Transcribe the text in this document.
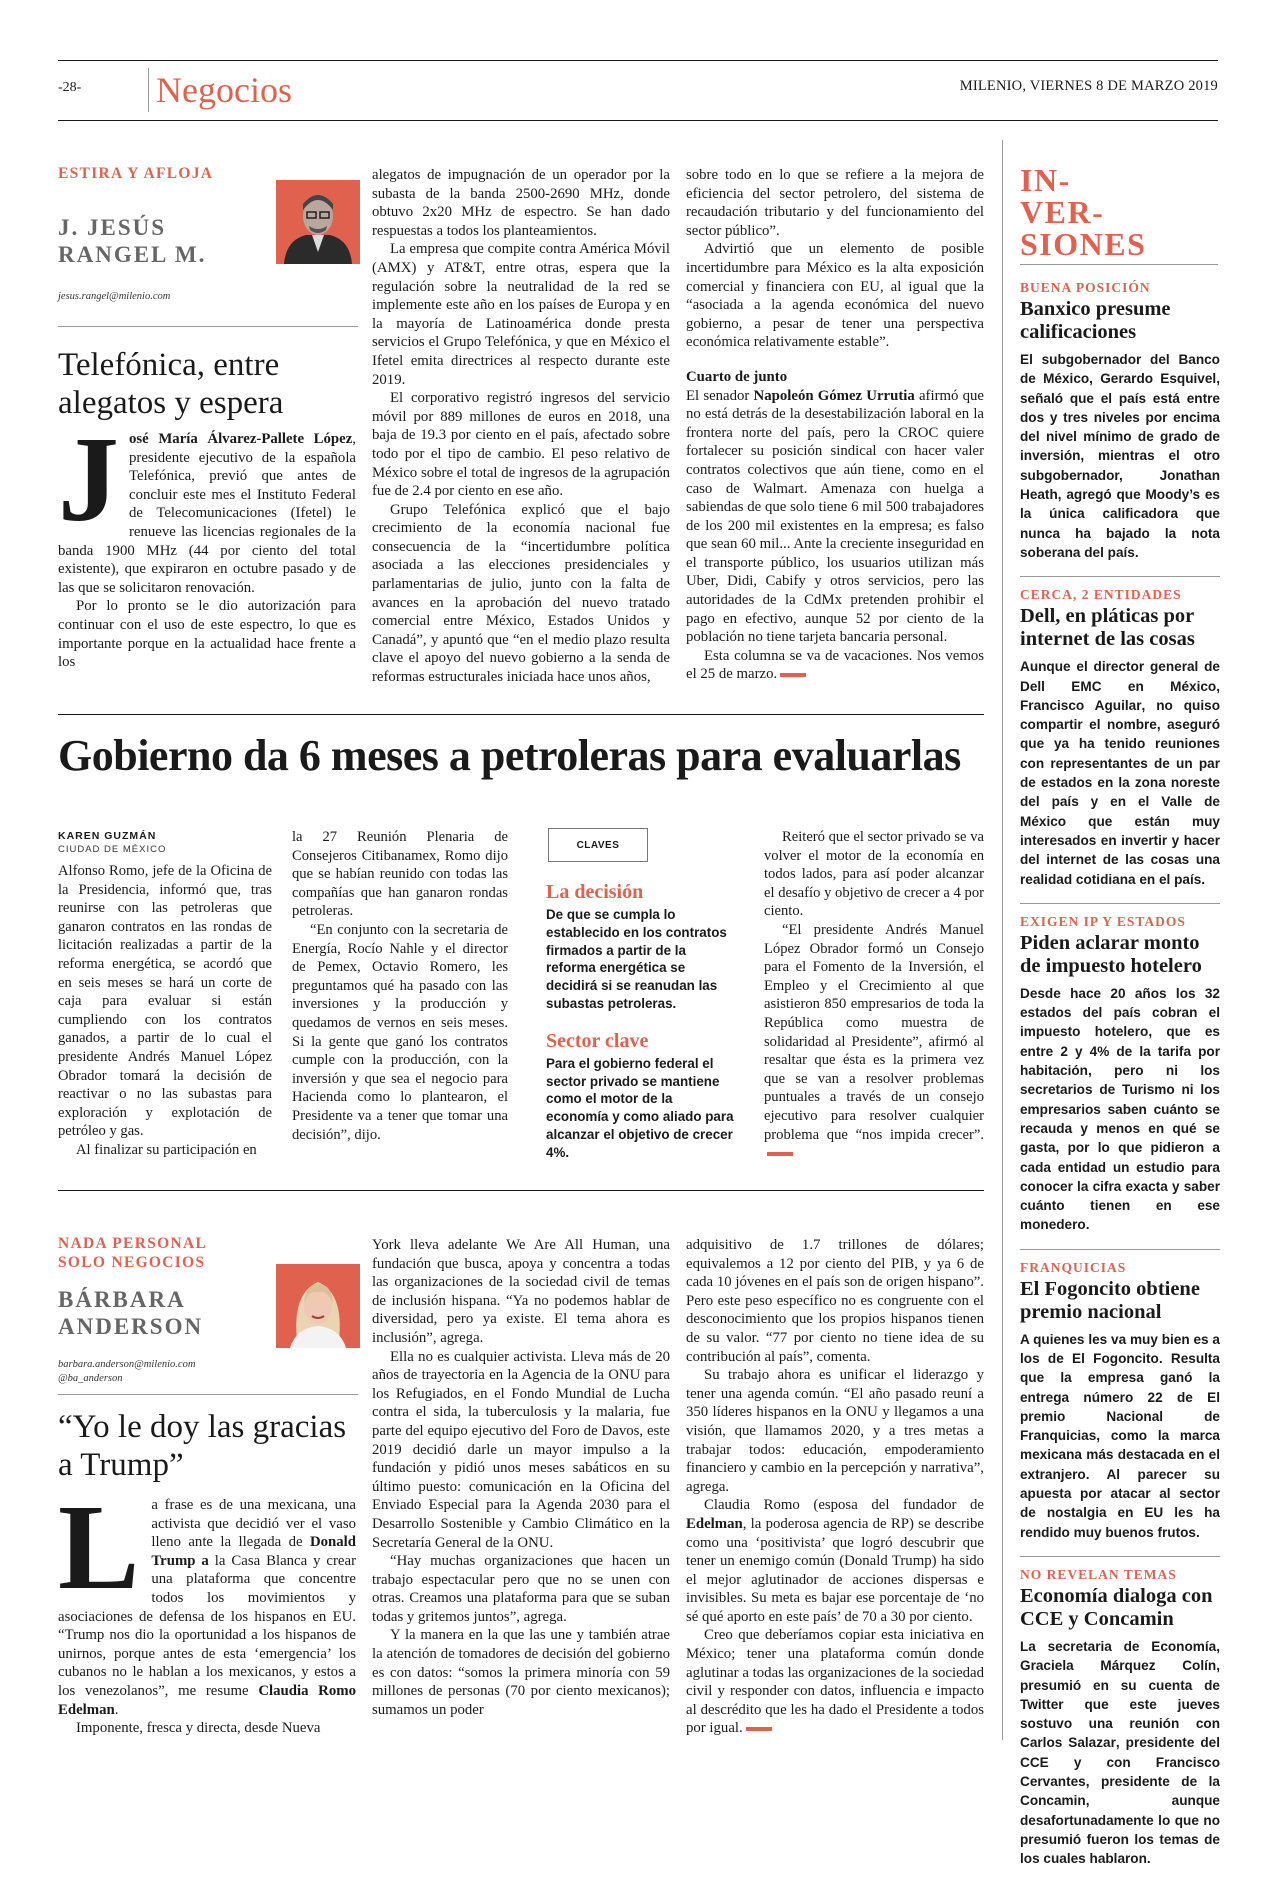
-28- Negocios	MILENIO, VIERNES 8 DE MARZO 2019
ESTIRA Y AFLOJA
J. JESÚS
RANGEL M.
jesus.rangel@milenio.com
Telefónica, entre alegatos y espera
J osé María Álvarez-Pallete López, presidente ejecutivo de la española Telefónica, previó que antes de concluir este mes el Instituto Federal de Telecomunicaciones (Ifetel) le renueve las licencias regionales de la banda 1900 MHz (44 por ciento del total existente), que expiraron en octubre pasado y de las que se solicitaron renovación.

Por lo pronto se le dio autorización para continuar con el uso de este espectro, lo que es importante porque en la actualidad hace frente a los

alegatos de impugnación de un operador por la subasta de la banda 2500-2690 MHz, donde obtuvo 2x20 MHz de espectro. Se han dado respuestas a todos los planteamientos.

La empresa que compite contra América Móvil (AMX) y AT&T, entre otras, espera que la regulación sobre la neutralidad de la red se implemente este año en los países de Europa y en la mayoría de Latinoamérica donde presta servicios el Grupo Telefónica, y que en México el Ifetel emita directrices al respecto durante este 2019.

El corporativo registró ingresos del servicio móvil por 889 millones de euros en 2018, una baja de 19.3 por ciento en el país, afectado sobre todo por el tipo de cambio. El peso relativo de México sobre el total de ingresos de la agrupación fue de 2.4 por ciento en ese año.

Grupo Telefónica explicó que el bajo crecimiento de la economía nacional fue consecuencia de la “incertidumbre política asociada a las elecciones presidenciales y parlamentarias de julio, junto con la falta de avances en la aprobación del nuevo tratado comercial entre México, Estados Unidos y Canadá”, y apuntó que “en el medio plazo resulta clave el apoyo del nuevo gobierno a la senda de reformas estructurales iniciada hace unos años,

sobre todo en lo que se refiere a la mejora de eficiencia del sector petrolero, del sistema de recaudación tributario y del funcionamiento del sector público”.

Advirtió que un elemento de posible incertidumbre para México es la alta exposición comercial y financiera con EU, al igual que la “asociada a la agenda económica del nuevo gobierno, a pesar de tener una perspectiva económica relativamente estable”.

Cuarto de junto

El senador Napoleón Gómez Urrutia afirmó que no está detrás de la desestabilización laboral en la frontera norte del país, pero la CROC quiere fortalecer su posición sindical con hacer valer contratos colectivos que aún tiene, como en el caso de Walmart. Amenaza con huelga a sabiendas de que solo tiene 6 mil 500 trabajadores de los 200 mil existentes en la empresa; es falso que sean 60 mil... Ante la creciente inseguridad en el transporte público, los usuarios utilizan más Uber, Didi, Cabify y otros servicios, pero las autoridades de la CdMx pretenden prohibir el pago en efectivo, aunque 52 por ciento de la población no tiene tarjeta bancaria personal.

Esta columna se va de vacaciones. Nos vemos el 25 de marzo.

Gobierno da 6 meses a petroleras para evaluarlas
KAREN GUZMÁN
CIUDAD DE MÉXICO

Alfonso Romo, jefe de la Oficina de la Presidencia, informó que, tras reunirse con las petroleras que ganaron contratos en las rondas de licitación realizadas a partir de la reforma energética, se acordó que en seis meses se hará un corte de caja para evaluar si están cumpliendo con los contratos ganados, a partir de lo cual el presidente Andrés Manuel López Obrador tomará la decisión de reactivar o no las subastas para exploración y explotación de petróleo y gas.

Al finalizar su participación en

la 27 Reunión Plenaria de Consejeros Citibanamex, Romo dijo que se habían reunido con todas las compañías que han ganaron rondas petroleras.

“En conjunto con la secretaria de Energía, Rocío Nahle y el director de Pemex, Octavio Romero, les preguntamos qué ha pasado con las inversiones y la producción y quedamos de vernos en seis meses. Si la gente que ganó los contratos cumple con la producción, con la inversión y que sea el negocio para Hacienda como lo plantearon, el Presidente va a tener que tomar una decisión”, dijo.

CLAVES
La decisión
De que se cumpla lo establecido en los contratos firmados a partir de la reforma energética se decidirá si se reanudan las subastas petroleras.
Sector clave
Para el gobierno federal el sector privado se mantiene como el motor de la economía y como aliado para alcanzar el objetivo de crecer 4%.

Reiteró que el sector privado se va volver el motor de la economía en todos lados, para así poder alcanzar el desafío y objetivo de crecer a 4 por ciento.

“El presidente Andrés Manuel López Obrador formó un Consejo para el Fomento de la Inversión, el Empleo y el Crecimiento al que asistieron 850 empresarios de toda la República como muestra de solidaridad al Presidente”, afirmó al resaltar que ésta es la primera vez que se van a resolver problemas puntuales a través de un consejo ejecutivo para resolver cualquier problema que “nos impida crecer”.

NADA PERSONAL
SOLO NEGOCIOS
BÁRBARA
ANDERSON
barbara.anderson@milenio.com
@ba_anderson
“Yo le doy las gracias a Trump”
L a frase es de una mexicana, una activista que decidió ver el vaso lleno ante la llegada de Donald Trump a la Casa Blanca y crear una plataforma que concentre todos los movimientos y asociaciones de defensa de los hispanos en EU. “Trump nos dio la oportunidad a los hispanos de unirnos, porque antes de esta ‘emergencia’ los cubanos no le hablan a los mexicanos, y estos a los venezolanos”, me resume Claudia Romo Edelman.

Imponente, fresca y directa, desde Nueva

York lleva adelante We Are All Human, una fundación que busca, apoya y concentra a todas las organizaciones de la sociedad civil de temas de inclusión hispana. “Ya no podemos hablar de diversidad, pero ya existe. El tema ahora es inclusión”, agrega.

Ella no es cualquier activista. Lleva más de 20 años de trayectoria en la Agencia de la ONU para los Refugiados, en el Fondo Mundial de Lucha contra el sida, la tuberculosis y la malaria, fue parte del equipo ejecutivo del Foro de Davos, este 2019 decidió darle un mayor impulso a la fundación y pidió unos meses sabáticos en su último puesto: comunicación en la Oficina del Enviado Especial para la Agenda 2030 para el Desarrollo Sostenible y Cambio Climático en la Secretaría General de la ONU.

“Hay muchas organizaciones que hacen un trabajo espectacular pero que no se unen con otras. Creamos una plataforma para que se suban todas y gritemos juntos”, agrega.

Y la manera en la que las une y también atrae la atención de tomadores de decisión del gobierno es con datos: “somos la primera minoría con 59 millones de personas (70 por ciento mexicanos); sumamos un poder

adquisitivo de 1.7 trillones de dólares; equivalemos a 12 por ciento del PIB, y ya 6 de cada 10 jóvenes en el país son de origen hispano”. Pero este peso específico no es congruente con el desconocimiento que los propios hispanos tienen de su valor. “77 por ciento no tiene idea de su contribución al país”, comenta.

Su trabajo ahora es unificar el liderazgo y tener una agenda común. “El año pasado reuní a 350 líderes hispanos en la ONU y llegamos a una visión, que llamamos 2020, y a tres metas a trabajar todos: educación, empoderamiento financiero y cambio en la percepción y narrativa”, agrega.

Claudia Romo (esposa del fundador de Edelman, la poderosa agencia de RP) se describe como una ‘positivista’ que logró descubrir que tener un enemigo común (Donald Trump) ha sido el mejor aglutinador de acciones dispersas e invisibles. Su meta es bajar ese porcentaje de ‘no sé qué aporto en este país’ de 70 a 30 por ciento.

Creo que deberíamos copiar esta iniciativa en México; tener una plataforma común donde aglutinar a todas las organizaciones de la sociedad civil y responder con datos, influencia e impacto al descrédito que les ha dado el Presidente a todos por igual.

IN-
VER-
SIONES
BUENA POSICIÓN
Banxico presume calificaciones
El subgobernador del Banco de México, Gerardo Esquivel, señaló que el país está entre dos y tres niveles por encima del nivel mínimo de grado de inversión, mientras el otro subgobernador, Jonathan Heath, agregó que Moody’s es la única calificadora que nunca ha bajado la nota soberana del país.
CERCA, 2 ENTIDADES
Dell, en pláticas por internet de las cosas
Aunque el director general de Dell EMC en México, Francisco Aguilar, no quiso compartir el nombre, aseguró que ya ha tenido reuniones con representantes de un par de estados en la zona noreste del país y en el Valle de México que están muy interesados en invertir y hacer del internet de las cosas una realidad cotidiana en el país.
EXIGEN IP Y ESTADOS
Piden aclarar monto de impuesto hotelero
Desde hace 20 años los 32 estados del país cobran el impuesto hotelero, que es entre 2 y 4% de la tarifa por habitación, pero ni los secretarios de Turismo ni los empresarios saben cuánto se recauda y menos en qué se gasta, por lo que pidieron a cada entidad un estudio para conocer la cifra exacta y saber cuánto tienen en ese monedero.
FRANQUICIAS
El Fogoncito obtiene premio nacional
A quienes les va muy bien es a los de El Fogoncito. Resulta que la empresa ganó la entrega número 22 de El premio Nacional de Franquicias, como la marca mexicana más destacada en el extranjero. Al parecer su apuesta por atacar al sector de nostalgia en EU les ha rendido muy buenos frutos.
NO REVELAN TEMAS
Economía dialoga con CCE y Concamin
La secretaria de Economía, Graciela Márquez Colín, presumió en su cuenta de Twitter que este jueves sostuvo una reunión con Carlos Salazar, presidente del CCE y con Francisco Cervantes, presidente de la Concamin, aunque desafortunadamente lo que no presumió fueron los temas de los cuales hablaron.
